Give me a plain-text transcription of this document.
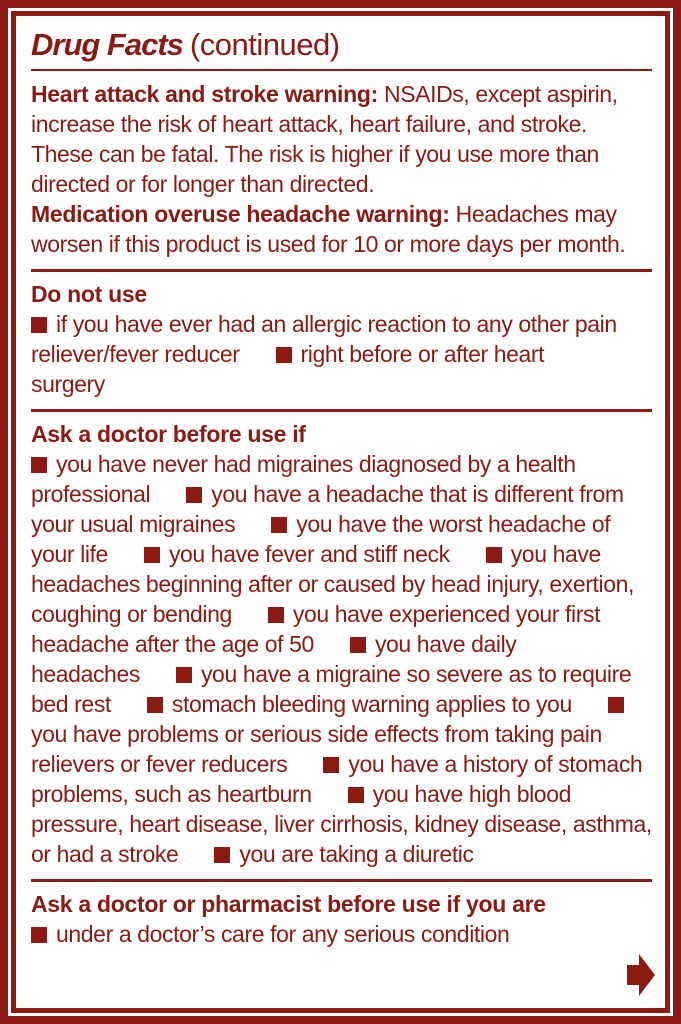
Drug Facts (continued)

Heart attack and stroke warning: NSAIDs, except aspirin, increase the risk of heart attack, heart failure, and stroke. These can be fatal. The risk is higher if you use more than directed or for longer than directed.

Medication overuse headache warning: Headaches may worsen if this product is used for 10 or more days per month.

Do not use

if you have ever had an allergic reaction to any other pain reliever/fever reducer	right before or after heart surgery

Ask a doctor before use if

you have never had migraines diagnosed by a health professional	you have a headache that is different from your usual migraines	you have the worst headache of your life	you have fever and stiff neck	you have headaches beginning after or caused by head injury, exertion, coughing or bending	you have experienced your first headache after the age of 50	you have daily headaches	you have a migraine so severe as to require bed rest	stomach bleeding warning applies to you you have problems or serious side effects from taking pain relievers or fever reducers	you have a history of stomach problems, such as heartburn	you have high blood pressure, heart disease, liver cirrhosis, kidney disease, asthma, or had a stroke	you are taking a diuretic

Ask a doctor or pharmacist before use if you are

under a doctor’s care for any serious condition
